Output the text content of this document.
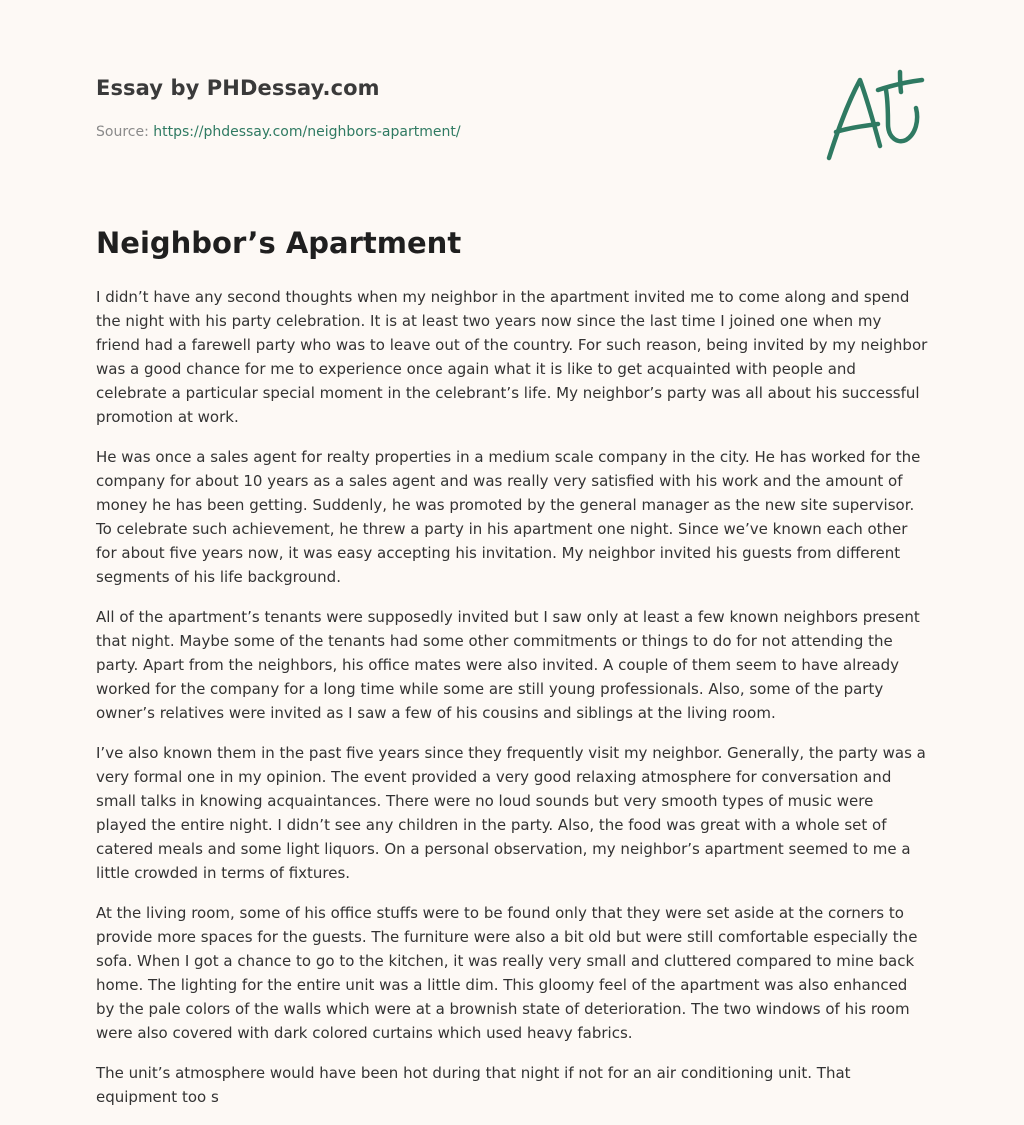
Essay by PHDessay.com
Source: https://phdessay.com/neighbors-apartment/
Neighbor’s Apartment

I didn’t have any second thoughts when my neighbor in the apartment invited me to come along and spend the night with his party celebration. It is at least two years now since the last time I joined one when my friend had a farewell party who was to leave out of the country. For such reason, being invited by my neighbor was a good chance for me to experience once again what it is like to get acquainted with people and celebrate a particular special moment in the celebrant’s life. My neighbor’s party was all about his successful promotion at work.

He was once a sales agent for realty properties in a medium scale company in the city. He has worked for the company for about 10 years as a sales agent and was really very satisfied with his work and the amount of money he has been getting. Suddenly, he was promoted by the general manager as the new site supervisor. To celebrate such achievement, he threw a party in his apartment one night. Since we’ve known each other for about five years now, it was easy accepting his invitation. My neighbor invited his guests from different segments of his life background.

All of the apartment’s tenants were supposedly invited but I saw only at least a few known neighbors present that night. Maybe some of the tenants had some other commitments or things to do for not attending the party. Apart from the neighbors, his office mates were also invited. A couple of them seem to have already worked for the company for a long time while some are still young professionals. Also, some of the party owner’s relatives were invited as I saw a few of his cousins and siblings at the living room.

I’ve also known them in the past five years since they frequently visit my neighbor. Generally, the party was a very formal one in my opinion. The event provided a very good relaxing atmosphere for conversation and small talks in knowing acquaintances. There were no loud sounds but very smooth types of music were played the entire night. I didn’t see any children in the party. Also, the food was great with a whole set of catered meals and some light liquors. On a personal observation, my neighbor’s apartment seemed to me a little crowded in terms of fixtures.

At the living room, some of his office stuffs were to be found only that they were set aside at the corners to provide more spaces for the guests. The furniture were also a bit old but were still comfortable especially the sofa. When I got a chance to go to the kitchen, it was really very small and cluttered compared to mine back home. The lighting for the entire unit was a little dim. This gloomy feel of the apartment was also enhanced by the pale colors of the walls which were at a brownish state of deterioration. The two windows of his room were also covered with dark colored curtains which used heavy fabrics.

The unit’s atmosphere would have been hot during that night if not for an air conditioning unit. That equipment too s
